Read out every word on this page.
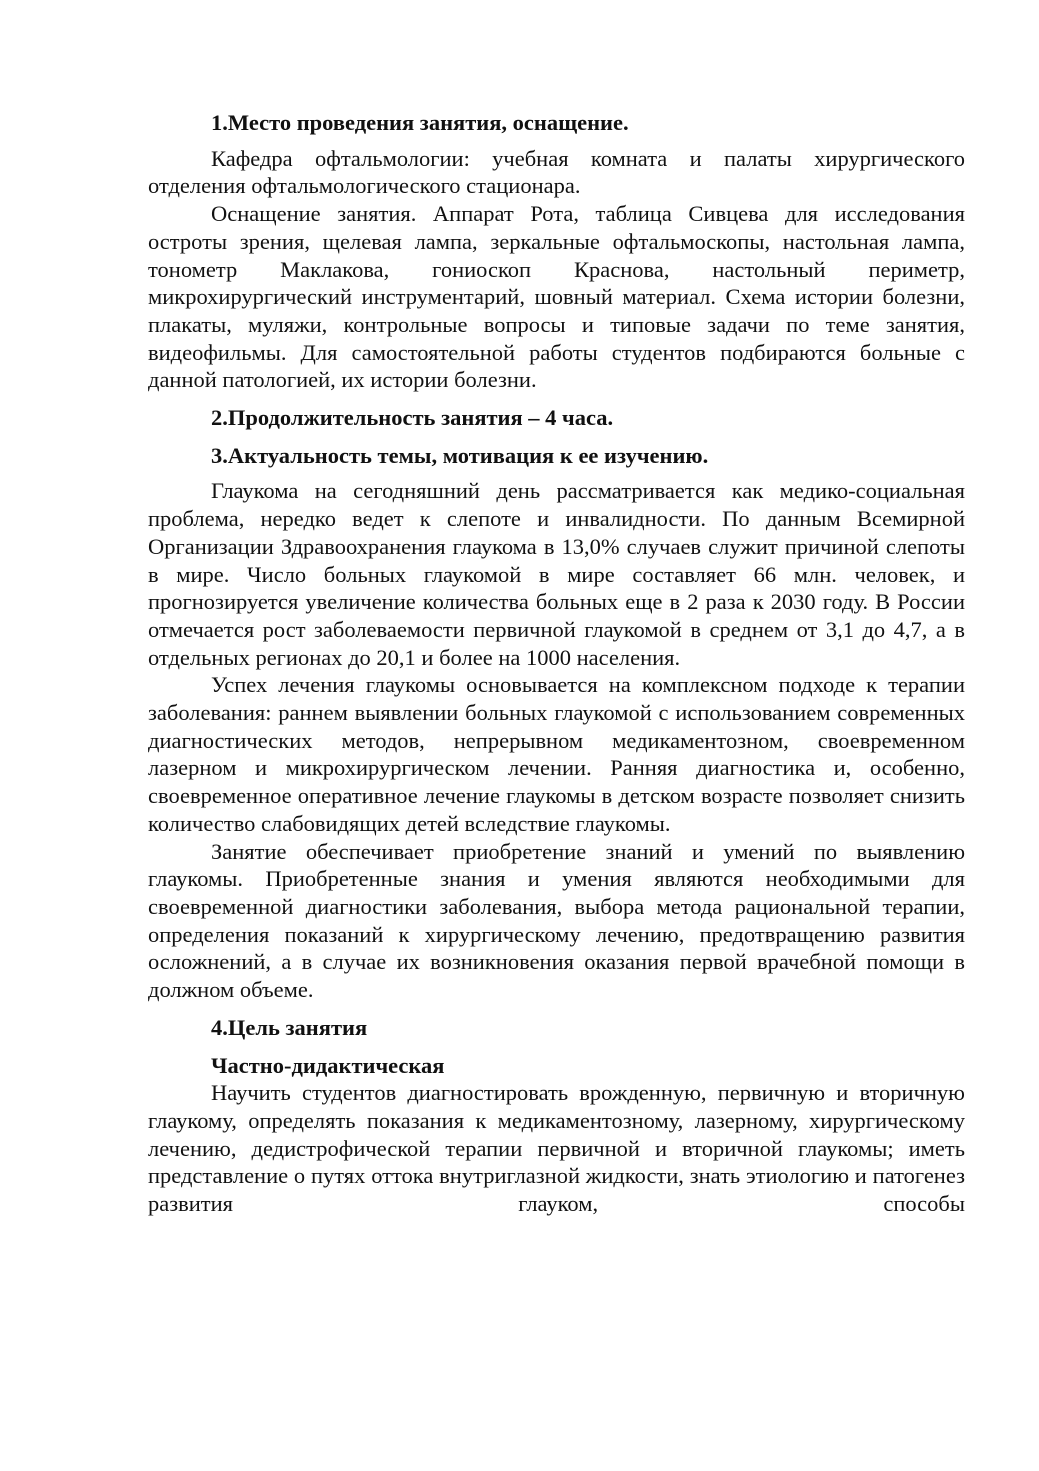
1.Место проведения занятия, оснащение.

Кафедра офтальмологии: учебная комната и палаты хирургического отделения офтальмологического стационара.

Оснащение занятия. Аппарат Рота, таблица Сивцева для исследования остроты зрения, щелевая лампа, зеркальные офтальмоскопы, настольная лампа, тонометр Маклакова, гониоскоп Краснова, настольный периметр, микрохирургический инструментарий, шовный материал. Схема истории болезни, плакаты, муляжи, контрольные вопросы и типовые задачи по теме занятия, видеофильмы. Для самостоятельной работы студентов подбираются больные с данной патологией, их истории болезни.

2.Продолжительность занятия – 4 часа.

3.Актуальность темы, мотивация к ее изучению.

Глаукома на сегодняшний день рассматривается как медико-социальная проблема, нередко ведет к слепоте и инвалидности. По данным Всемирной Организации Здравоохранения глаукома в 13,0% случаев служит причиной слепоты в мире. Число больных глаукомой в мире составляет 66 млн. человек, и прогнозируется увеличение количества больных еще в 2 раза к 2030 году. В России отмечается рост заболеваемости первичной глаукомой в среднем от 3,1 до 4,7, а в отдельных регионах до 20,1 и более на 1000 населения.

Успех лечения глаукомы основывается на комплексном подходе к терапии заболевания: раннем выявлении больных глаукомой с использованием современных диагностических методов, непрерывном медикаментозном, своевременном лазерном и микрохирургическом лечении. Ранняя диагностика и, особенно, своевременное оперативное лечение глаукомы в детском возрасте позволяет снизить количество слабовидящих детей вследствие глаукомы.

Занятие обеспечивает приобретение знаний и умений по выявлению глаукомы. Приобретенные знания и умения являются необходимыми для своевременной диагностики заболевания, выбора метода рациональной терапии, определения показаний к хирургическому лечению, предотвращению развития осложнений, а в случае их возникновения оказания первой врачебной помощи в должном объеме.

4.Цель занятия

Частно-дидактическая

Научить студентов диагностировать врожденную, первичную и вторичную глаукому, определять показания к медикаментозному, лазерному, хирургическому лечению, дедистрофической терапии первичной и вторичной глаукомы; иметь представление о путях оттока внутриглазной жидкости, знать этиологию и патогенез развития глауком, способы
